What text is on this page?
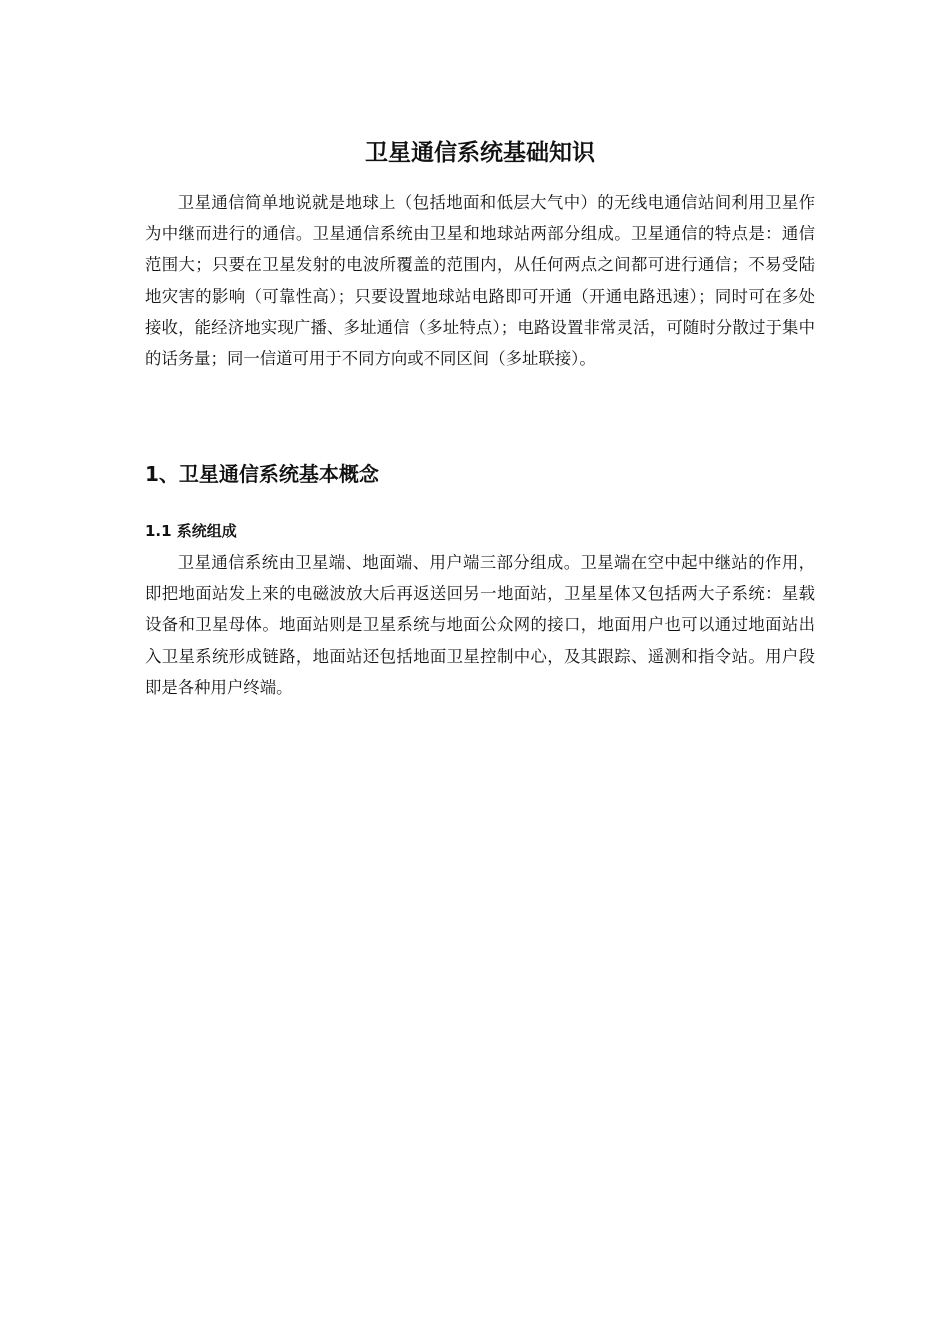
卫星通信系统基础知识

卫星通信简单地说就是地球上（包括地面和低层大气中）的无线电通信站间利用卫星作为中继而进行的通信。卫星通信系统由卫星和地球站两部分组成。卫星通信的特点是：通信范围大；只要在卫星发射的电波所覆盖的范围内，从任何两点之间都可进行通信；不易受陆地灾害的影响（可靠性高）；只要设置地球站电路即可开通（开通电路迅速）；同时可在多处接收，能经济地实现广播、多址通信（多址特点）；电路设置非常灵活，可随时分散过于集中的话务量；同一信道可用于不同方向或不同区间（多址联接）。

1、卫星通信系统基本概念
1.1 系统组成

卫星通信系统由卫星端、地面端、用户端三部分组成。卫星端在空中起中继站的作用，即把地面站发上来的电磁波放大后再返送回另一地面站，卫星星体又包括两大子系统：星载设备和卫星母体。地面站则是卫星系统与地面公众网的接口，地面用户也可以通过地面站出入卫星系统形成链路，地面站还包括地面卫星控制中心，及其跟踪、遥测和指令站。用户段即是各种用户终端。
